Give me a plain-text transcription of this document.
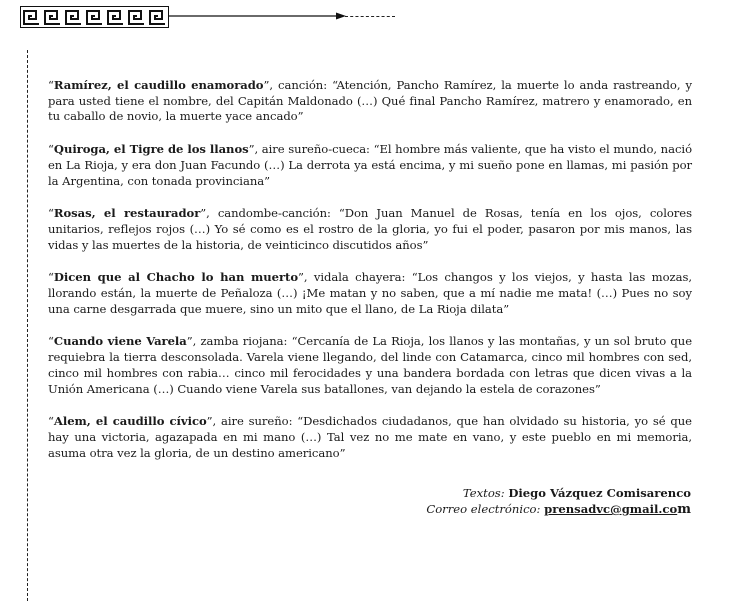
“Ramírez, el caudillo enamorado”, canción: “Atención, Pancho Ramírez, la muerte lo anda rastreando, y para usted tiene el nombre, del Capitán Maldonado (…) Qué final Pancho Ramírez, matrero y enamorado, en tu caballo de novio, la muerte yace ancado”

“Quiroga, el Tigre de los llanos”, aire sureño-cueca: “El hombre más valiente, que ha visto el mundo, nació en La Rioja, y era don Juan Facundo (…) La derrota ya está encima, y mi sueño pone en llamas, mi pasión por la Argentina, con tonada provinciana”

“Rosas, el restaurador”, candombe-canción: “Don Juan Manuel de Rosas, tenía en los ojos, colores unitarios, reflejos rojos (…) Yo sé como es el rostro de la gloria, yo fui el poder, pasaron por mis manos, las vidas y las muertes de la historia, de veinticinco discutidos años”

“Dicen que al Chacho lo han muerto”, vidala chayera: “Los changos y los viejos, y hasta las mozas, llorando están, la muerte de Peñaloza (…) ¡Me matan y no saben, que a mí nadie me mata! (…) Pues no soy una carne desgarrada que muere, sino un mito que el llano, de La Rioja dilata”

“Cuando viene Varela”, zamba riojana: “Cercanía de La Rioja, los llanos y las montañas, y un sol bruto que requiebra la tierra desconsolada. Varela viene llegando, del linde con Catamarca, cinco mil hombres con sed, cinco mil hombres con rabia… cinco mil ferocidades y una bandera bordada con letras que dicen vivas a la Unión Americana (…) Cuando viene Varela sus batallones, van dejando la estela de corazones”

“Alem, el caudillo cívico”, aire sureño: “Desdichados ciudadanos, que han olvidado su historia, yo sé que hay una victoria, agazapada en mi mano (…) Tal vez no me mate en vano, y este pueblo en mi memoria, asuma otra vez la gloria, de un destino americano”

Textos: Diego Vázquez Comisarenco
Correo electrónico: prensadvc@gmail.com
